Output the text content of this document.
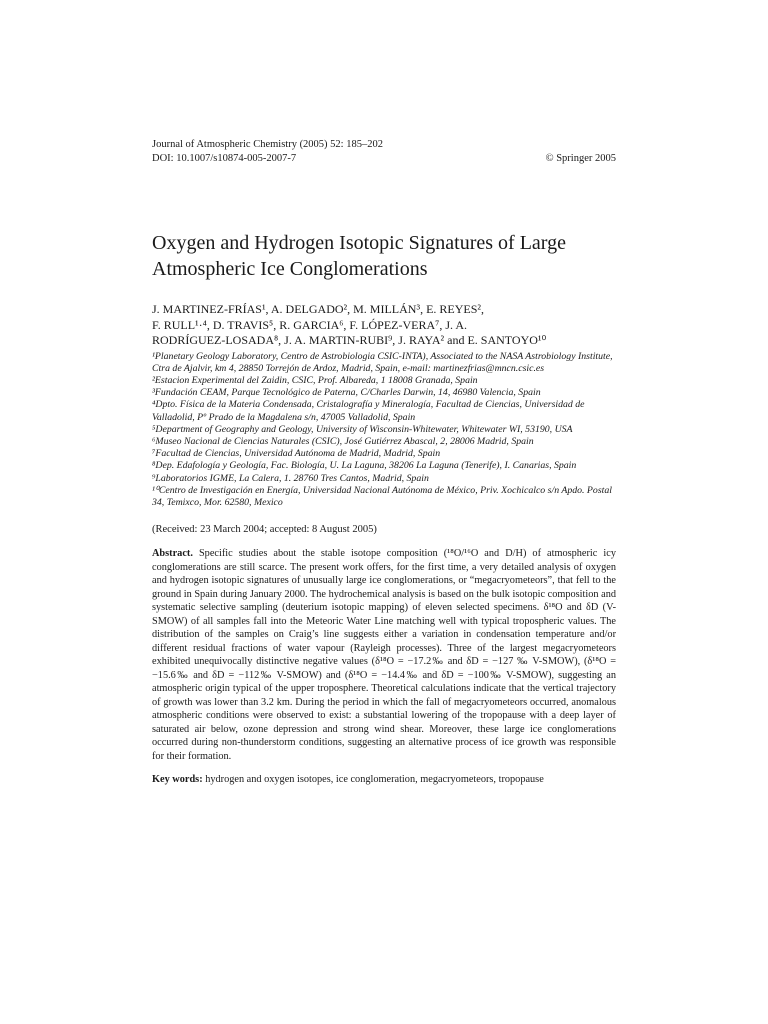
Journal of Atmospheric Chemistry (2005) 52: 185–202
DOI: 10.1007/s10874-005-2007-7	© Springer 2005
Oxygen and Hydrogen Isotopic Signatures of Large Atmospheric Ice Conglomerations
J. MARTINEZ-FRÍAS¹, A. DELGADO², M. MILLÁN³, E. REYES²,
F. RULL¹·⁴, D. TRAVIS⁵, R. GARCIA⁶, F. LÓPEZ-VERA⁷, J. A.
RODRÍGUEZ-LOSADA⁸, J. A. MARTIN-RUBI⁹, J. RAYA² and E. SANTOYO¹⁰
¹Planetary Geology Laboratory, Centro de Astrobiologia CSIC-INTA), Associated to the NASA Astrobiology Institute, Ctra de Ajalvir, km 4, 28850 Torrejón de Ardoz, Madrid, Spain, e-mail: martinezfrias@mncn.csic.es
²Estacion Experimental del Zaidin, CSIC, Prof. Albareda, 1 18008 Granada, Spain
³Fundación CEAM, Parque Tecnológico de Paterna, C/Charles Darwin, 14, 46980 Valencia, Spain
⁴Dpto. Física de la Materia Condensada, Cristalografía y Mineralogía, Facultad de Ciencias, Universidad de Valladolid, Pº Prado de la Magdalena s/n, 47005 Valladolid, Spain
⁵Department of Geography and Geology, University of Wisconsin-Whitewater, Whitewater WI, 53190, USA
⁶Museo Nacional de Ciencias Naturales (CSIC), José Gutiérrez Abascal, 2, 28006 Madrid, Spain
⁷Facultad de Ciencias, Universidad Autónoma de Madrid, Madrid, Spain
⁸Dep. Edafología y Geología, Fac. Biología, U. La Laguna, 38206 La Laguna (Tenerife), I. Canarias, Spain
⁹Laboratorios IGME, La Calera, 1. 28760 Tres Cantos, Madrid, Spain
¹⁰Centro de Investigación en Energía, Universidad Nacional Autónoma de México, Priv. Xochicalco s/n Apdo. Postal 34, Temixco, Mor. 62580, Mexico
(Received: 23 March 2004; accepted: 8 August 2005)
Abstract. Specific studies about the stable isotope composition (¹⁸O/¹⁶O and D/H) of atmospheric icy conglomerations are still scarce. The present work offers, for the first time, a very detailed analysis of oxygen and hydrogen isotopic signatures of unusually large ice conglomerations, or “megacryometeors”, that fell to the ground in Spain during January 2000. The hydrochemical analysis is based on the bulk isotopic composition and systematic selective sampling (deuterium isotopic mapping) of eleven selected specimens. δ¹⁸O and δD (V-SMOW) of all samples fall into the Meteoric Water Line matching well with typical tropospheric values. The distribution of the samples on Craig’s line suggests either a variation in condensation temperature and/or different residual fractions of water vapour (Rayleigh processes). Three of the largest megacryometeors exhibited unequivocally distinctive negative values (δ¹⁸O = −17.2‰ and δD = −127 ‰ V-SMOW), (δ¹⁸O = −15.6‰ and δD = −112‰ V-SMOW) and (δ¹⁸O = −14.4‰ and δD = −100‰ V-SMOW), suggesting an atmospheric origin typical of the upper troposphere. Theoretical calculations indicate that the vertical trajectory of growth was lower than 3.2 km. During the period in which the fall of megacryometeors occurred, anomalous atmospheric conditions were observed to exist: a substantial lowering of the tropopause with a deep layer of saturated air below, ozone depression and strong wind shear. Moreover, these large ice conglomerations occurred during non-thunderstorm conditions, suggesting an alternative process of ice growth was responsible for their formation.
Key words: hydrogen and oxygen isotopes, ice conglomeration, megacryometeors, tropopause
